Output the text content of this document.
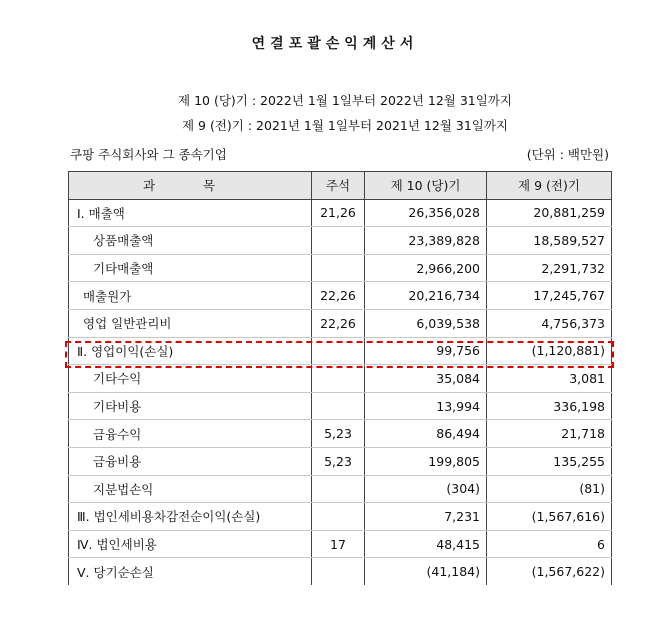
연결포괄손익계산서
제 10 (당)기 : 2022년 1월 1일부터 2022년 12월 31일까지
제 9 (전)기 : 2021년 1월 1일부터 2021년 12월 31일까지
쿠팡 주식회사와 그 종속기업	(단위 : 백만원)
과 목	주석	제 10 (당)기	제 9 (전)기
Ⅰ. 매출액	21,26	26,356,028	20,881,259
상품매출액		23,389,828	18,589,527
기타매출액		2,966,200	2,291,732
매출원가	22,26	20,216,734	17,245,767
영업 일반관리비	22,26	6,039,538	4,756,373
Ⅱ. 영업이익(손실)		99,756	(1,120,881)
기타수익		35,084	3,081
기타비용		13,994	336,198
금융수익	5,23	86,494	21,718
금융비용	5,23	199,805	135,255
지분법손익		(304)	(81)
Ⅲ. 법인세비용차감전순이익(손실)		7,231	(1,567,616)
Ⅳ. 법인세비용	17	48,415	6
Ⅴ. 당기순손실		(41,184)	(1,567,622)
